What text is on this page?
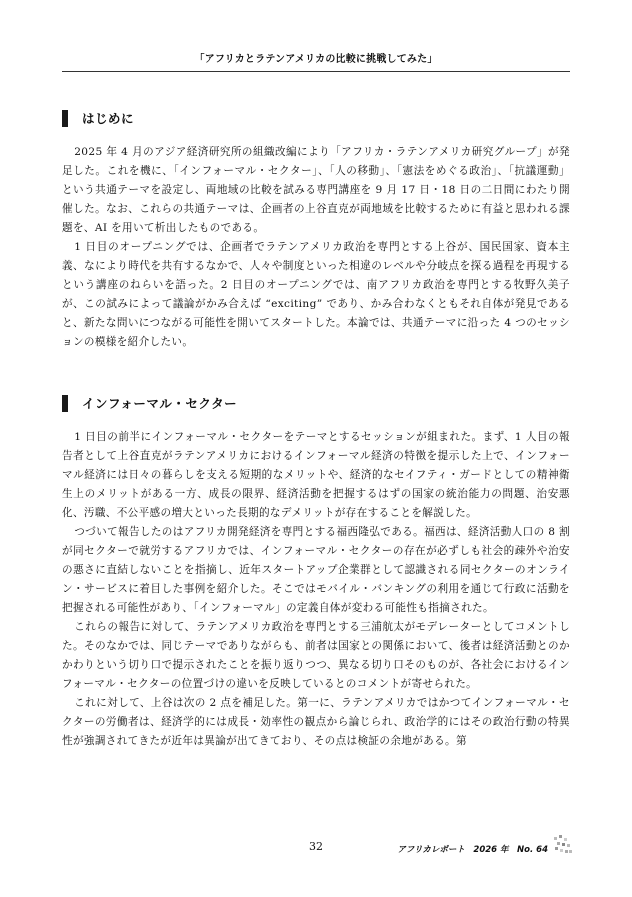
「アフリカとラテンアメリカの比較に挑戦してみた」
はじめに

2025 年 4 月のアジア経済研究所の組織改編により「アフリカ・ラテンアメリカ研究グループ」が発足した。これを機に、「インフォーマル・セクター」、「人の移動」、「憲法をめぐる政治」、「抗議運動」という共通テーマを設定し、両地域の比較を試みる専門講座を 9 月 17 日・18 日の二日間にわたり開催した。なお、これらの共通テーマは、企画者の上谷直克が両地域を比較するために有益と思われる課題を、AI を用いて析出したものである。

1 日目のオープニングでは、企画者でラテンアメリカ政治を専門とする上谷が、国民国家、資本主義、なにより時代を共有するなかで、人々や制度といった相違のレベルや分岐点を探る過程を再現するという講座のねらいを語った。2 日目のオープニングでは、南アフリカ政治を専門とする牧野久美子が、この試みによって議論がかみ合えば “exciting” であり、かみ合わなくともそれ自体が発見であると、新たな問いにつながる可能性を開いてスタートした。本論では、共通テーマに沿った 4 つのセッションの模様を紹介したい。

インフォーマル・セクター

1 日目の前半にインフォーマル・セクターをテーマとするセッションが組まれた。まず、1 人目の報告者として上谷直克がラテンアメリカにおけるインフォーマル経済の特徴を提示した上で、インフォーマル経済には日々の暮らしを支える短期的なメリットや、経済的なセイフティ・ガードとしての精神衛生上のメリットがある一方、成長の限界、経済活動を把握するはずの国家の統治能力の問題、治安悪化、汚職、不公平感の増大といった長期的なデメリットが存在することを解説した。

つづいて報告したのはアフリカ開発経済を専門とする福西隆弘である。福西は、経済活動人口の 8 割が同セクターで就労するアフリカでは、インフォーマル・セクターの存在が必ずしも社会的疎外や治安の悪さに直結しないことを指摘し、近年スタートアップ企業群として認識される同セクターのオンライン・サービスに着目した事例を紹介した。そこではモバイル・バンキングの利用を通じて行政に活動を把握される可能性があり、「インフォーマル」の定義自体が変わる可能性も指摘された。

これらの報告に対して、ラテンアメリカ政治を専門とする三浦航太がモデレーターとしてコメントした。そのなかでは、同じテーマでありながらも、前者は国家との関係において、後者は経済活動とのかかわりという切り口で提示されたことを振り返りつつ、異なる切り口そのものが、各社会におけるインフォーマル・セクターの位置づけの違いを反映しているとのコメントが寄せられた。

これに対して、上谷は次の 2 点を補足した。第一に、ラテンアメリカではかつてインフォーマル・セクターの労働者は、経済学的には成長・効率性の観点から論じられ、政治学的にはその政治行動の特異性が強調されてきたが近年は異論が出てきており、その点は検証の余地がある。第

32	アフリカレポート　2026 年　No. 64
